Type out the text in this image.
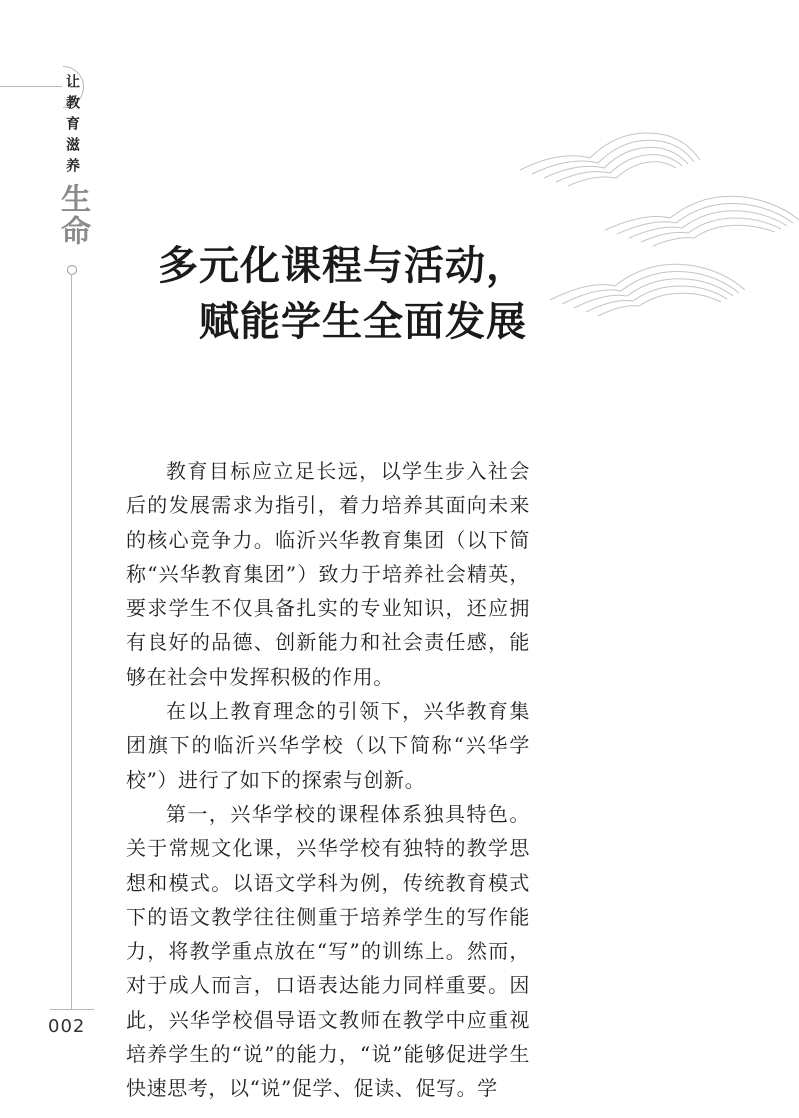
让教育滋养
生命
多元化课程与活动，
赋能学生全面发展

教育目标应立足长远，以学生步入社会后的发展需求为指引，着力培养其面向未来的核心竞争力。临沂兴华教育集团（以下简称“兴华教育集团”）致力于培养社会精英，要求学生不仅具备扎实的专业知识，还应拥有良好的品德、创新能力和社会责任感，能够在社会中发挥积极的作用。

在以上教育理念的引领下，兴华教育集团旗下的临沂兴华学校（以下简称“兴华学校”）进行了如下的探索与创新。

第一，兴华学校的课程体系独具特色。关于常规文化课，兴华学校有独特的教学思想和模式。以语文学科为例，传统教育模式下的语文教学往往侧重于培养学生的写作能力，将教学重点放在“写”的训练上。然而，对于成人而言，口语表达能力同样重要。因此，兴华学校倡导语文教师在教学中应重视培养学生的“说”的能力，“说”能够促进学生快速思考，以“说”促学、促读、促写。学

002
